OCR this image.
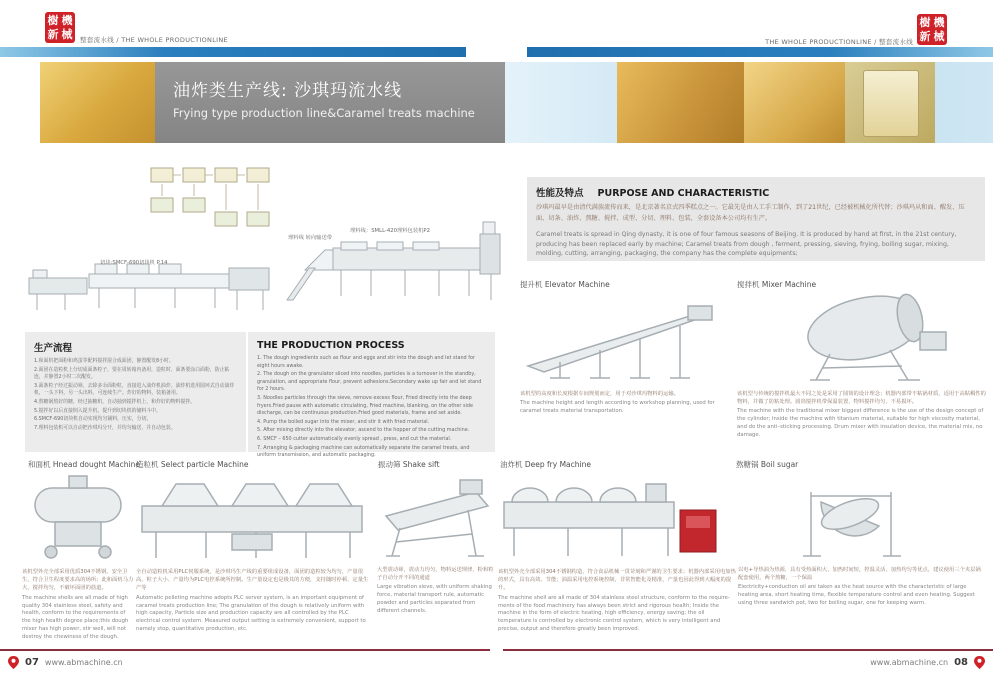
樹 機
新 械 整套流水线 / THE WHOLE PRODUCTIONLINE	THE WHOLE PRODUCTIONLINE / 整套流水线
樹 機
新 械
油炸类生产线: 沙琪玛流水线
Frying type production line&Caramel treats machine
切块:SMCF-690切块机 P.14
理料线 转向输送带
理料线：SMLL-420理料包装机P2
生产流程
1.和面机把面粉和鸡蛋等配料搅拌混合成面团，静置醒发8小时。
2.面团在造粒机上分切成面条粒子，要在周转箱内备用，造粒时，面条要涂白面粉，防止粘连，并静置2小时二次醒发。
3.面条粒子经过振动筛，去除多余面粉粒，直接进入油炸机油炸。油炸机选用圆环式自动油炸机，一头下料，另一头出料，可连续生产。炸好的物料，装箱备用。
4.熬糖锅熬好的糖，经过抽糖机，自动抽到搅拌机上，和炸好的物料搅拌。
5.搅拌好以后直接倒入提升机，提升到切块机的储料斗中。
6.SMCF-690切块机自动实现均匀铺料，压实，分切。
7.理料包装机可以自动把沙琪玛分开，并均匀输送，并自动包装。
THE PRODUCTION PROCESS
1. The dough ingredients such as flour and eggs and stir into the dough and let stand for eight hours awake.
2. The dough on the granulator sliced into noodles, particles is a turnover in the standby, granulation, and appropriate flour, prevent adhesions.Secondary wake up fair and let stand for 2 hours.
3. Noodles particles through the sieve, remove excess flour, Fried directly into the deep fryers.Fried pause with automatic circulating, Fried machine, blanking, on the other side discharge, can be continuous production.Fried good materials, frame and set aside.
4. Pump the boiled sugar into the mixer, and stir it with fried material.
5. After mixing directly into the elevator, ascend to the hopper of the cutting machine.
6. SMCF – 650 cutter automatically evenly spread , press, and cut the material.
7. Arranging & packaging machine can automatically separate the caramel treats, and uniform transmission, and automatic packaging.
性能及特点 PURPOSE AND CHARACTERISTIC
沙琪玛最早是由清代满族流传而来，是北京著名京式四季糕点之一。它最先是由人工手工制作，到了21世纪，已经被机械化所代替；沙琪玛从和面、醒发、压面、切条、油炸、熬糖、搅拌、成型、分切、理料、包装，全套设备本公司均有生产。
Caramel treats is spread in Qing dynasty, it is one of four famous seasons of Beijing. It is produced by hand at first, in the 21st century, producing has been replaced early by machine; Caramel treats from dough , ferment, pressing, sieving, frying, boiling sugar, mixing, molding, cutting, arranging, packaging, the company has the complete equipments;
提升机 Elevator Machine
该机型的高度和长度根据车间规划而定，用于对沙琪玛物料的运输。
The machine height and length according to workshop planning, used for caramel treats material transportation.
搅拌机 Mixer Machine
该机型与传统的搅拌机最大不同之处是采用了圆筒的设计理念；机器内部带不粘锅材质，适用于高粘稠性的物料，并做了防粘处理。圆筒搅拌机带保温装置，物料搅拌均匀，不易损坏。
The machine with the traditional mixer biggest difference is the use of the design concept of the cylinder; Inside the machine with titanium material, suitable for high viscosity material, and do the anti–sticking processing. Drum mixer with insulation device, the material mix, no damage.
和面机 Hnead dought Machine
该机型外壳全部采用优质304不锈钢，安全卫生，符合卫生程度要求高的场所；此和面机马力大，搅拌均匀，不破坏面团的筋道。
The machine shells are all made of high quality 304 stainless steel, safety and health, conform to the requirements of the high health degree place;this dough mixer has high power, stir well, will not destroy the chewiness of the dough.
造粒机 Select particle Machine
全自动造粒机采用PLC伺服系统，是沙琪玛生产线的重要组成设备，面团的造粒较为均匀，产量很高，粒子大小、产量均为PLC电控系统所控制。生产量设定也是极其的方便，支持随时停顿、定量生产等
Automatic pelleting machine adopts PLC server system, is an important equipment of caramel treats production line; The granulation of the dough is relatively uniform with high capacity, Particle size and production capacity are all controlled by the PLC electrical control system. Measured output setting is extremely convenient, support to namely stop, quantitative production, etc.
振动筛 Shake sift
大型震动筛，震动力均匀，物料运送规律，粉和粒子自动分开不同的通道
Large vibration sieve, with uniform shaking force, material transport rule, automatic powder and particles separated from different channels.
油炸机 Deep fry Machine
该机型外壳全部采用304不锈钢构造，符合食品机械一贯苛刻和严谨的卫生要求；机器内部采用电加热的形式，具有高效、节能；油温采用电控系统控制，非常智能化及精准，产量也因此得到大幅度的提升。
The machine shell are all made of 304 stainless steel structure, conform to the require-ments of the food machinery has always been strict and rigorous health; Inside the machine in the form of electric heating, high efficiency, energy saving; the oil temperature is controlled by electronic control system, which is very intelligent and precise, output and therefore greatly been improved.
熬糖锅 Boil sugar
以电+导热油为热源，具有受热面积大，加热时间短，控温灵活，加热均匀等优点，建议使用三个夹层锅配套使用，两个熬糖，一个保温
Electricity+conduction oil are taken as the heat source with the characteristic of large heating area, short heating time, flexible temperature control and even heating. Suggest using three sandwich pot, two for boiling sugar, one for keeping warm.
07 www.abmachine.cn	www.abmachine.cn 08
